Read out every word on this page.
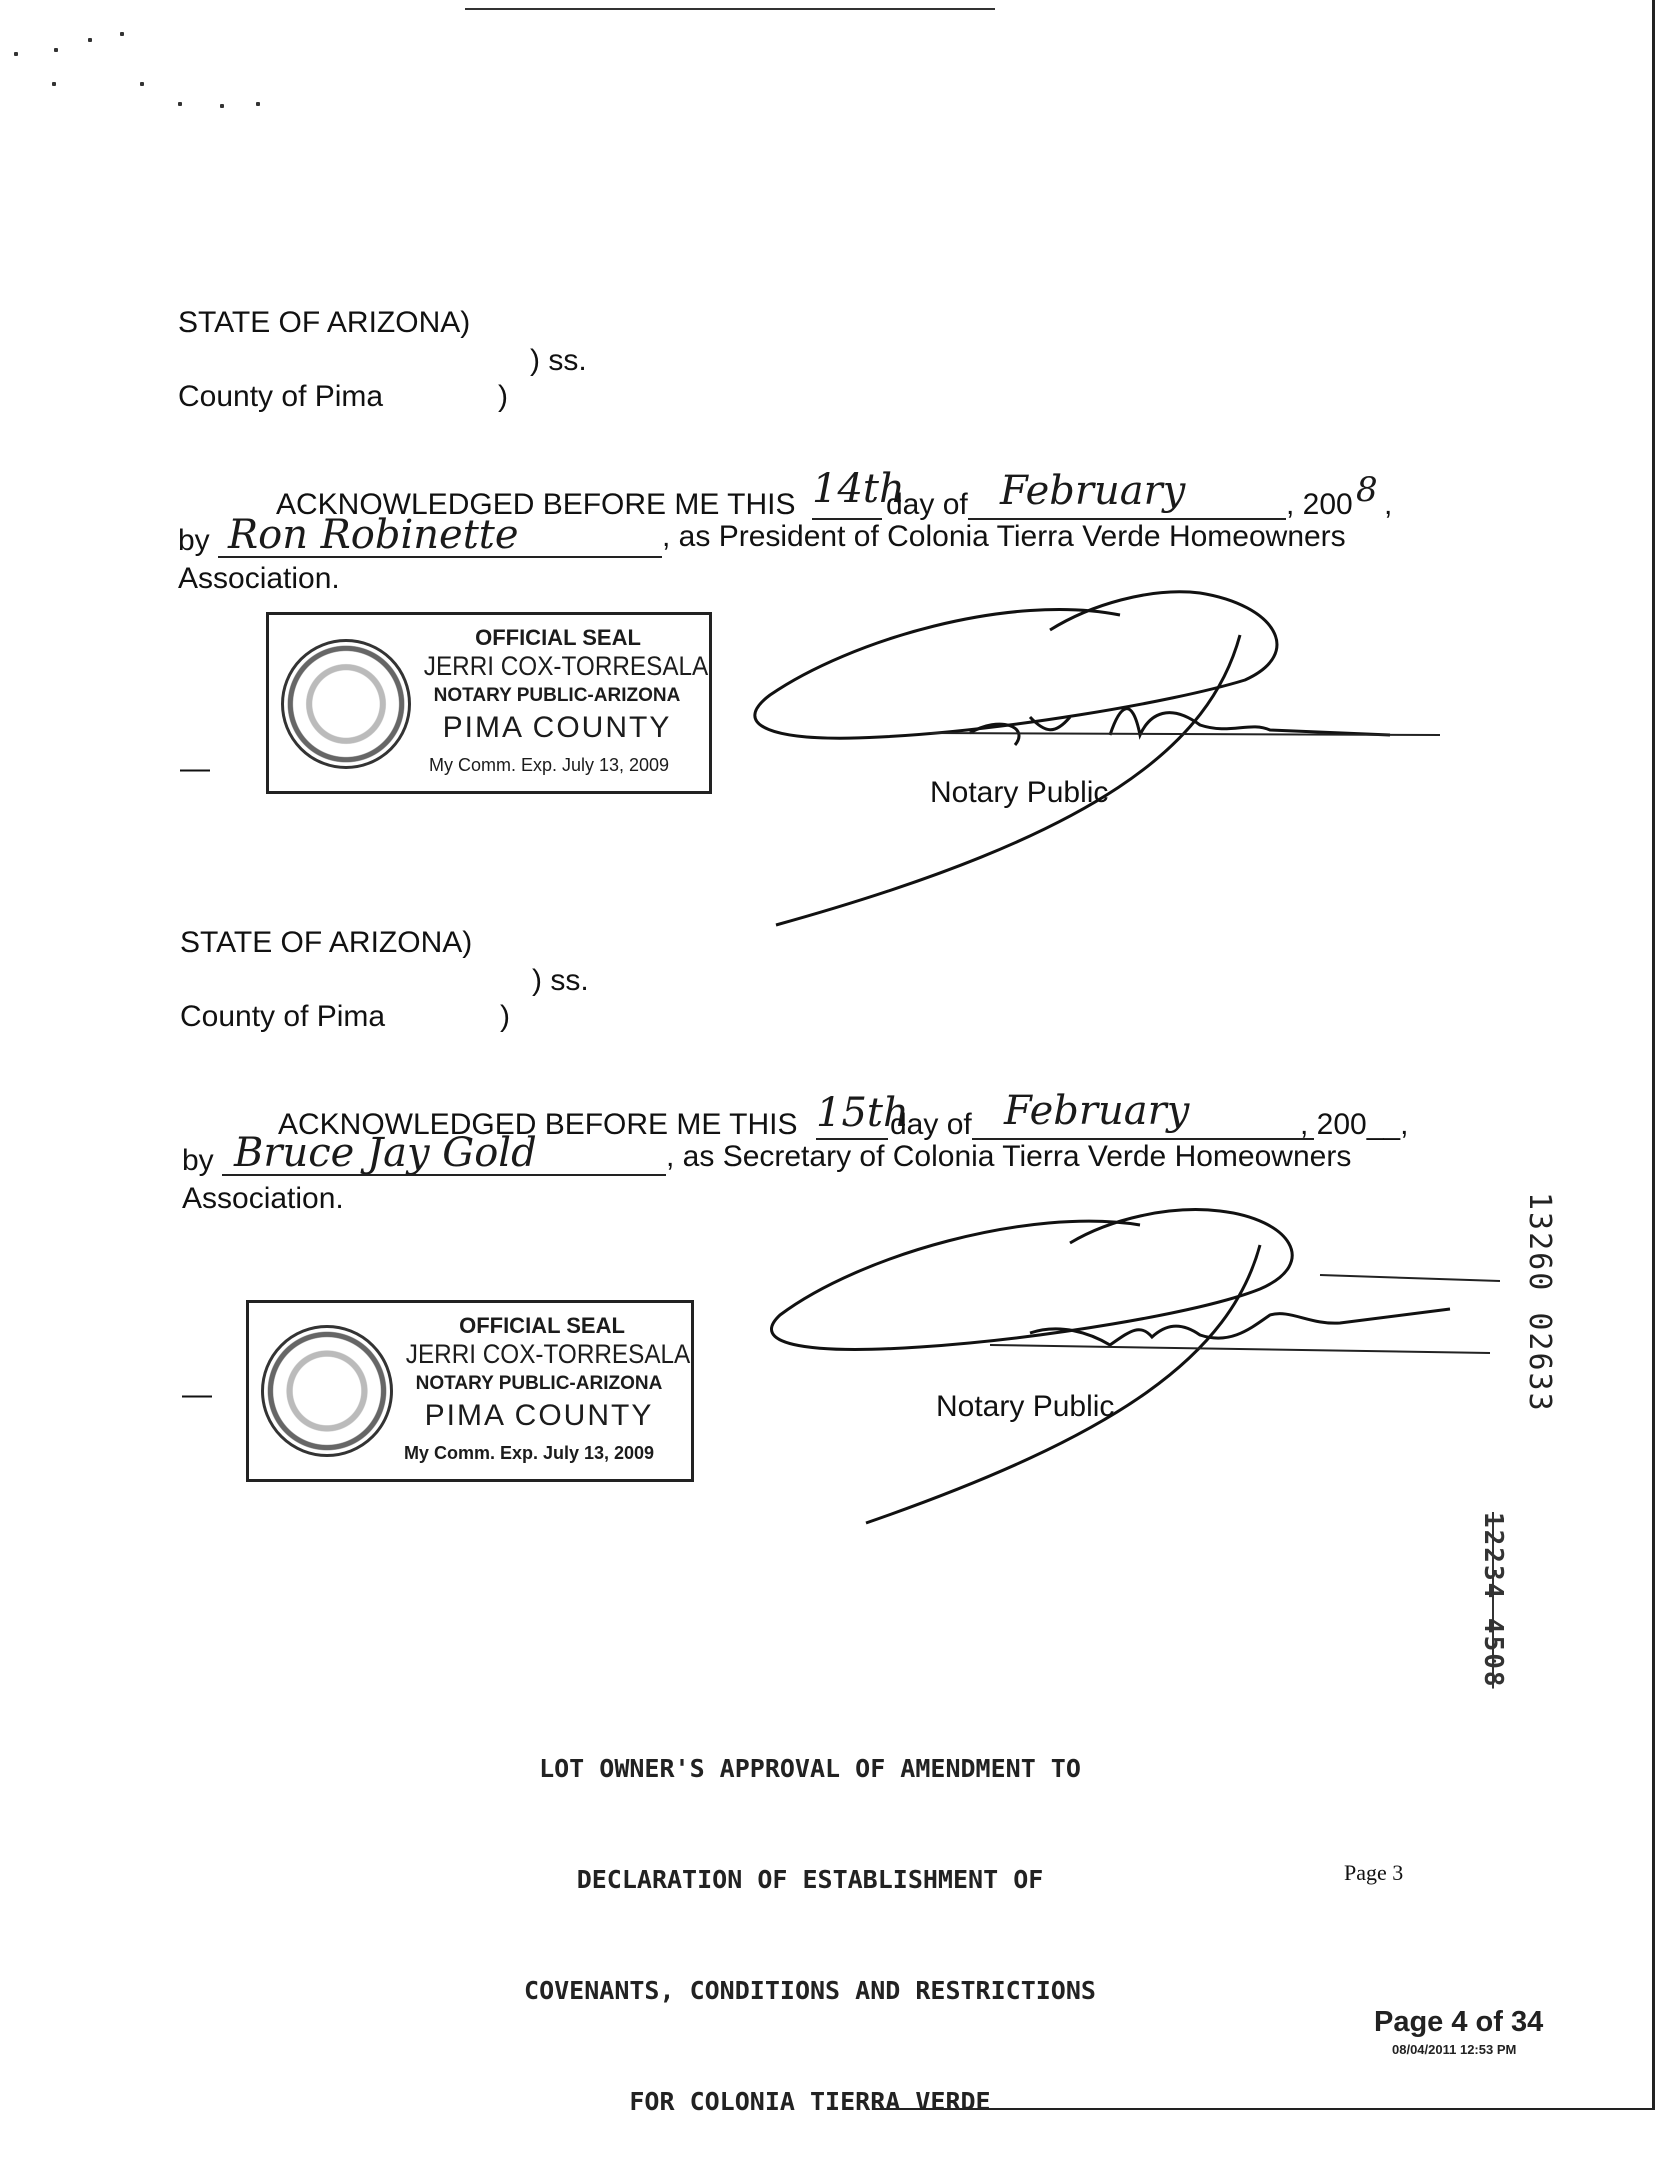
STATE OF ARIZONA)
) ss.
County of Pima	)
ACKNOWLEDGED BEFORE ME THIS 14th
day of February	, 200 8 ,
by Ron Robinette	, as President of Colonia Tierra Verde Homeowners
Association.
—
OFFICIAL SEAL
JERRI COX-TORRESALA
NOTARY PUBLIC-ARIZONA
PIMA COUNTY
My Comm. Exp. July 13, 2009
Notary Public
STATE OF ARIZONA)
) ss.
County of Pima	)
ACKNOWLEDGED BEFORE ME THIS 15th
day of February	, 200__,
by Bruce Jay Gold	, as Secretary of Colonia Tierra Verde Homeowners
Association.
—
OFFICIAL SEAL
JERRI COX-TORRESALA
NOTARY PUBLIC-ARIZONA
PIMA COUNTY
My Comm. Exp. July 13, 2009
Notary Public	13260 02633
12234 4508

LOT OWNER'S APPROVAL OF AMENDMENT TO

DECLARATION OF ESTABLISHMENT OF

COVENANTS, CONDITIONS AND RESTRICTIONS

FOR COLONIA TIERRA VERDE

Page 3
Page 4 of 34
08/04/2011 12:53 PM
